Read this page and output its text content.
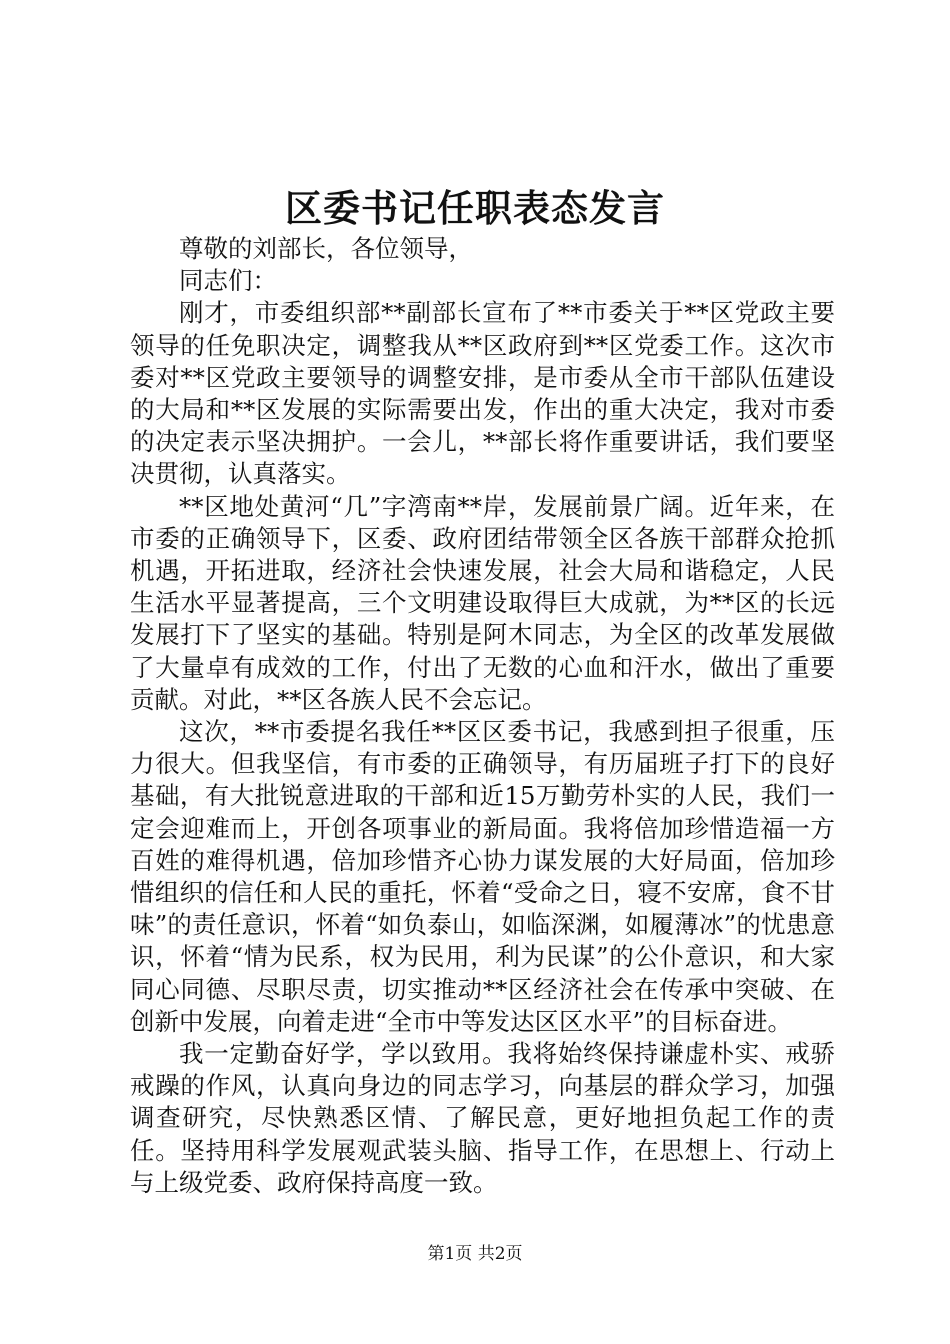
区委书记任职表态发言

尊敬的刘部长，各位领导，

同志们：

刚才，市委组织部**副部长宣布了**市委关于**区党政主要领导的任免职决定，调整我从**区政府到**区党委工作。这次市委对**区党政主要领导的调整安排，是市委从全市干部队伍建设的大局和**区发展的实际需要出发，作出的重大决定，我对市委的决定表示坚决拥护。一会儿，**部长将作重要讲话，我们要坚决贯彻，认真落实。

**区地处黄河“几”字湾南**岸，发展前景广阔。近年来，在市委的正确领导下，区委、政府团结带领全区各族干部群众抢抓机遇，开拓进取，经济社会快速发展，社会大局和谐稳定，人民生活水平显著提高，三个文明建设取得巨大成就，为**区的长远发展打下了坚实的基础。特别是阿木同志，为全区的改革发展做了大量卓有成效的工作，付出了无数的心血和汗水，做出了重要贡献。对此，**区各族人民不会忘记。

这次，**市委提名我任**区区委书记，我感到担子很重，压力很大。但我坚信，有市委的正确领导，有历届班子打下的良好基础，有大批锐意进取的干部和近15万勤劳朴实的人民，我们一定会迎难而上，开创各项事业的新局面。我将倍加珍惜造福一方百姓的难得机遇，倍加珍惜齐心协力谋发展的大好局面，倍加珍惜组织的信任和人民的重托，怀着“受命之日，寝不安席，食不甘味”的责任意识，怀着“如负泰山，如临深渊，如履薄冰”的忧患意识，怀着“情为民系，权为民用，利为民谋”的公仆意识，和大家同心同德、尽职尽责，切实推动**区经济社会在传承中突破、在创新中发展，向着走进“全市中等发达区区水平”的目标奋进。

我一定勤奋好学，学以致用。我将始终保持谦虚朴实、戒骄戒躁的作风，认真向身边的同志学习，向基层的群众学习，加强调查研究，尽快熟悉区情、了解民意，更好地担负起工作的责任。坚持用科学发展观武装头脑、指导工作，在思想上、行动上与上级党委、政府保持高度一致。

第1页 共2页
